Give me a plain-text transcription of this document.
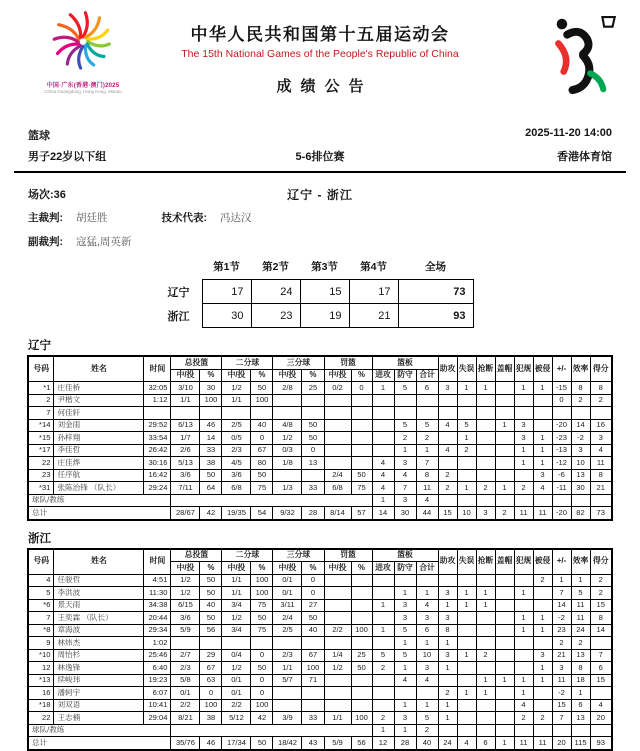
中国·广东(香港·澳门)2025
China Guangdong, Hong Kong, Macao
中华人民共和国第十五届运动会
The 15th National Games of the People's Republic of China
成绩公告
篮球	2025-11-20 14:00
男子22岁以下组	5-6排位赛	香港体育馆
场次:36	辽宁 - 浙江
主裁判: 胡廷胜	技术代表: 冯达汉
副裁判: 寇猛,周英新
	第1节	第2节	第3节	第4节	全场
辽宁	17	24	15	17	73
浙江	30	23	19	21	93
辽宁
号码	姓名	时间	总投篮		二分球		三分球		罚篮		篮板			助攻	失误	抢断	盖帽	犯规	被侵	+/-	效率	得分
			中/投	%	中/投	%	中/投	%	中/投	%	进攻	防守	合计									
*1	庄佳桥	32:05	3/10	30	1/2	50	2/8	25	0/2	0	1	5	6	3	1	1		1	1	-15	8	8
2	尹楷文	1:12	1/1	100	1/1	100														0	2	2
7	何佳轩																					
*14	刘金雨	29:52	6/13	46	2/5	40	4/8	50				5	5	4	5		1	3		-20	14	16
*15	孙梓翔	33:54	1/7	14	0/5	0	1/2	50				2	2		1			3	1	-23	-2	3
*17	李佳哲	26:42	2/6	33	2/3	67	0/3	0				1	1	4	2			1	1	-13	3	4
22	庄佳烨	30:16	5/13	38	4/5	80	1/8	13			4	3	7					1	1	-12	10	11
23	任序航	16:42	3/6	50	3/6	50			2/4	50	4	4	8	2					3	-6	13	8
*31	张陈治锋 （队长）	29:24	7/11	64	6/8	75	1/3	33	6/8	75	4	7	11	2	1	2	1	2	4	-11	30	21
球队/教练											1	3	4									
总计			28/67	42	19/35	54	9/32	28	8/14	57	14	30	44	15	10	3	2	11	11	-20	82	73
浙江
号码	姓名	时间	总投篮		二分球		三分球		罚篮		篮板			助攻	失误	抢断	盖帽	犯规	被侵	+/-	效率	得分
			中/投	%	中/投	%	中/投	%	中/投	%	进攻	防守	合计									
4	任骏哲	4:51	1/2	50	1/1	100	0/1	0											2	1	1	2
5	李洪波	11:30	1/2	50	1/1	100	0/1	0				1	1	3	1	1		1		7	5	2
*6	景天雨	34:38	6/15	40	3/4	75	3/11	27			1	3	4	1	1	1				14	11	15
7	王奕霖 （队长）	20:44	3/6	50	1/2	50	2/4	50				3	3	3				1	1	-2	11	8
*8	章海波	29:34	5/9	56	3/4	75	2/5	40	2/2	100	1	5	6	8				1	1	23	24	14
9	林炜杰	1:02										1	1	1						2	2	
*10	周怡杉	25:46	2/7	29	0/4	0	2/3	67	1/4	25	5	5	10	3	1	2			3	21	13	7
12	林逸锋	6:40	2/3	67	1/2	50	1/1	100	1/2	50	2	1	3	1					1	3	8	6
*13	续峻玮	19:23	5/8	63	0/1	0	5/7	71				4	4			1	1	1	1	11	18	15
16	潘轲宇	6:07	0/1	0	0/1	0								2	1	1		1		-2	1	
*18	刘双语	10:41	2/2	100	2/2	100						1	1	1				4		15	6	4
22	王志楠	29:04	8/21	38	5/12	42	3/9	33	1/1	100	2	3	5	1				2	2	7	13	20
球队/教练											1	1	2									
总计			35/76	46	17/34	50	18/42	43	5/9	56	12	28	40	24	4	6	1	11	11	20	115	93
